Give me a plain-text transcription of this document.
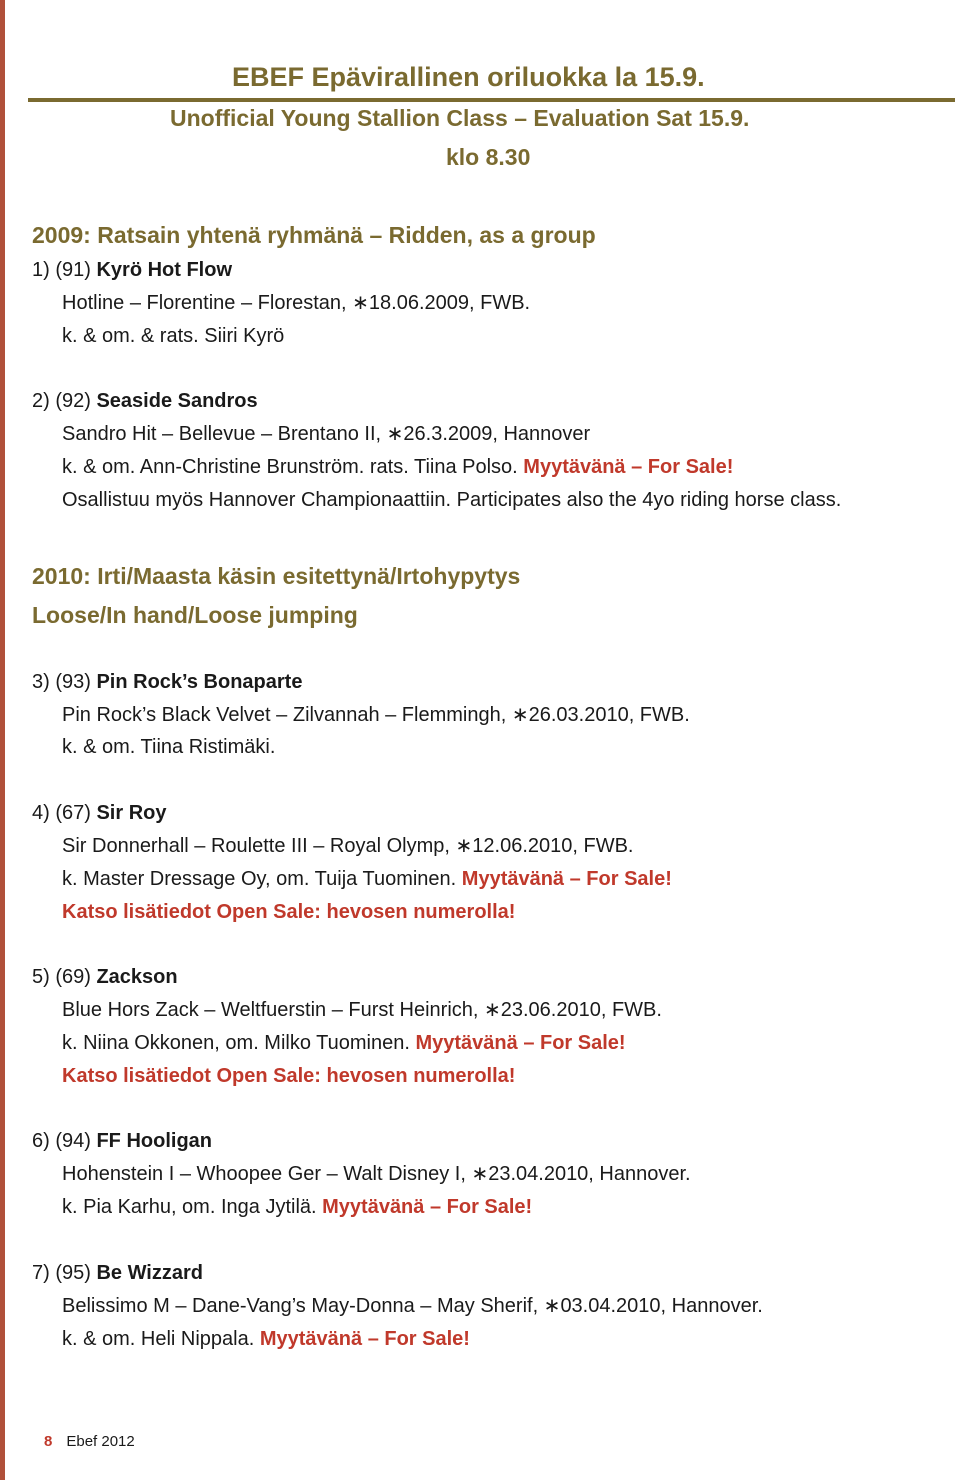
EBEF Epävirallinen oriluokka la 15.9.
Unofficial Young Stallion Class – Evaluation Sat 15.9.
klo 8.30
2009: Ratsain yhtenä ryhmänä – Ridden, as a group
1) (91) Kyrö Hot Flow
Hotline – Florentine – Florestan, ∗18.06.2009, FWB.
k. & om. & rats. Siiri Kyrö
2) (92) Seaside Sandros
Sandro Hit – Bellevue – Brentano II, ∗26.3.2009, Hannover
k. & om. Ann-Christine Brunström. rats. Tiina Polso. Myytävänä – For Sale!
Osallistuu myös Hannover Championaattiin. Participates also the 4yo riding horse class.
2010: Irti/Maasta käsin esitettynä/Irtohypytys
Loose/In hand/Loose jumping
3) (93) Pin Rock’s Bonaparte
Pin Rock’s Black Velvet – Zilvannah – Flemmingh, ∗26.03.2010, FWB.
k. & om. Tiina Ristimäki.
4) (67) Sir Roy
Sir Donnerhall – Roulette III – Royal Olymp, ∗12.06.2010, FWB.
k. Master Dressage Oy, om. Tuija Tuominen. Myytävänä – For Sale!
Katso lisätiedot Open Sale: hevosen numerolla!
5) (69) Zackson
Blue Hors Zack – Weltfuerstin – Furst Heinrich, ∗23.06.2010, FWB.
k. Niina Okkonen, om. Milko Tuominen. Myytävänä – For Sale!
Katso lisätiedot Open Sale: hevosen numerolla!
6) (94) FF Hooligan
Hohenstein I – Whoopee Ger – Walt Disney I, ∗23.04.2010, Hannover.
k. Pia Karhu, om. Inga Jytilä. Myytävänä – For Sale!
7) (95) Be Wizzard
Belissimo M – Dane-Vang’s May-Donna – May Sherif, ∗03.04.2010, Hannover.
k. & om. Heli Nippala. Myytävänä – For Sale!
8 Ebef 2012
